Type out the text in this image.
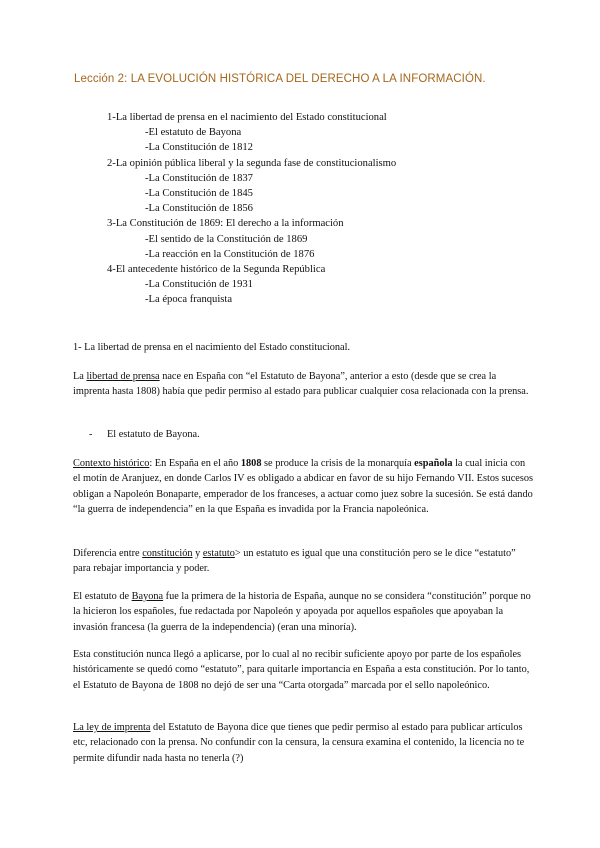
Lección 2: LA EVOLUCIÓN HISTÓRICA DEL DERECHO A LA INFORMACIÓN.
1-La libertad de prensa en el nacimiento del Estado constitucional
-El estatuto de Bayona
-La Constitución de 1812
2-La opinión pública liberal y la segunda fase de constitucionalismo
-La Constitución de 1837
-La Constitución de 1845
-La Constitución de 1856
3-La Constitución de 1869: El derecho a la información
-El sentido de la Constitución de 1869
-La reacción en la Constitución de 1876
4-El antecedente histórico de la Segunda República
-La Constitución de 1931
-La época franquista

1- La libertad de prensa en el nacimiento del Estado constitucional.

La libertad de prensa nace en España con “el Estatuto de Bayona”, anterior a esto (desde que se crea la imprenta hasta 1808) había que pedir permiso al estado para publicar cualquier cosa relacionada con la prensa.

- El estatuto de Bayona.

Contexto histórico: En España en el año 1808 se produce la crisis de la monarquía española la cual inicia con el motín de Aranjuez, en donde Carlos IV es obligado a abdicar en favor de su hijo Fernando VII. Estos sucesos obligan a Napoleón Bonaparte, emperador de los franceses, a actuar como juez sobre la sucesión. Se está dando “la guerra de independencia” en la que España es invadida por la Francia napoleónica.

Diferencia entre constitución y estatuto> un estatuto es igual que una constitución pero se le dice “estatuto” para rebajar importancia y poder.

El estatuto de Bayona fue la primera de la historia de España, aunque no se considera “constitución” porque no la hicieron los españoles, fue redactada por Napoleón y apoyada por aquellos españoles que apoyaban la invasión francesa (la guerra de la independencia) (eran una minoría).

Esta constitución nunca llegó a aplicarse, por lo cual al no recibir suficiente apoyo por parte de los españoles históricamente se quedó como “estatuto”, para quitarle importancia en España a esta constitución. Por lo tanto, el Estatuto de Bayona de 1808 no dejó de ser una “Carta otorgada” marcada por el sello napoleónico.

La ley de imprenta del Estatuto de Bayona dice que tienes que pedir permiso al estado para publicar artículos etc, relacionado con la prensa. No confundir con la censura, la censura examina el contenido, la licencia no te permite difundir nada hasta no tenerla (?)
